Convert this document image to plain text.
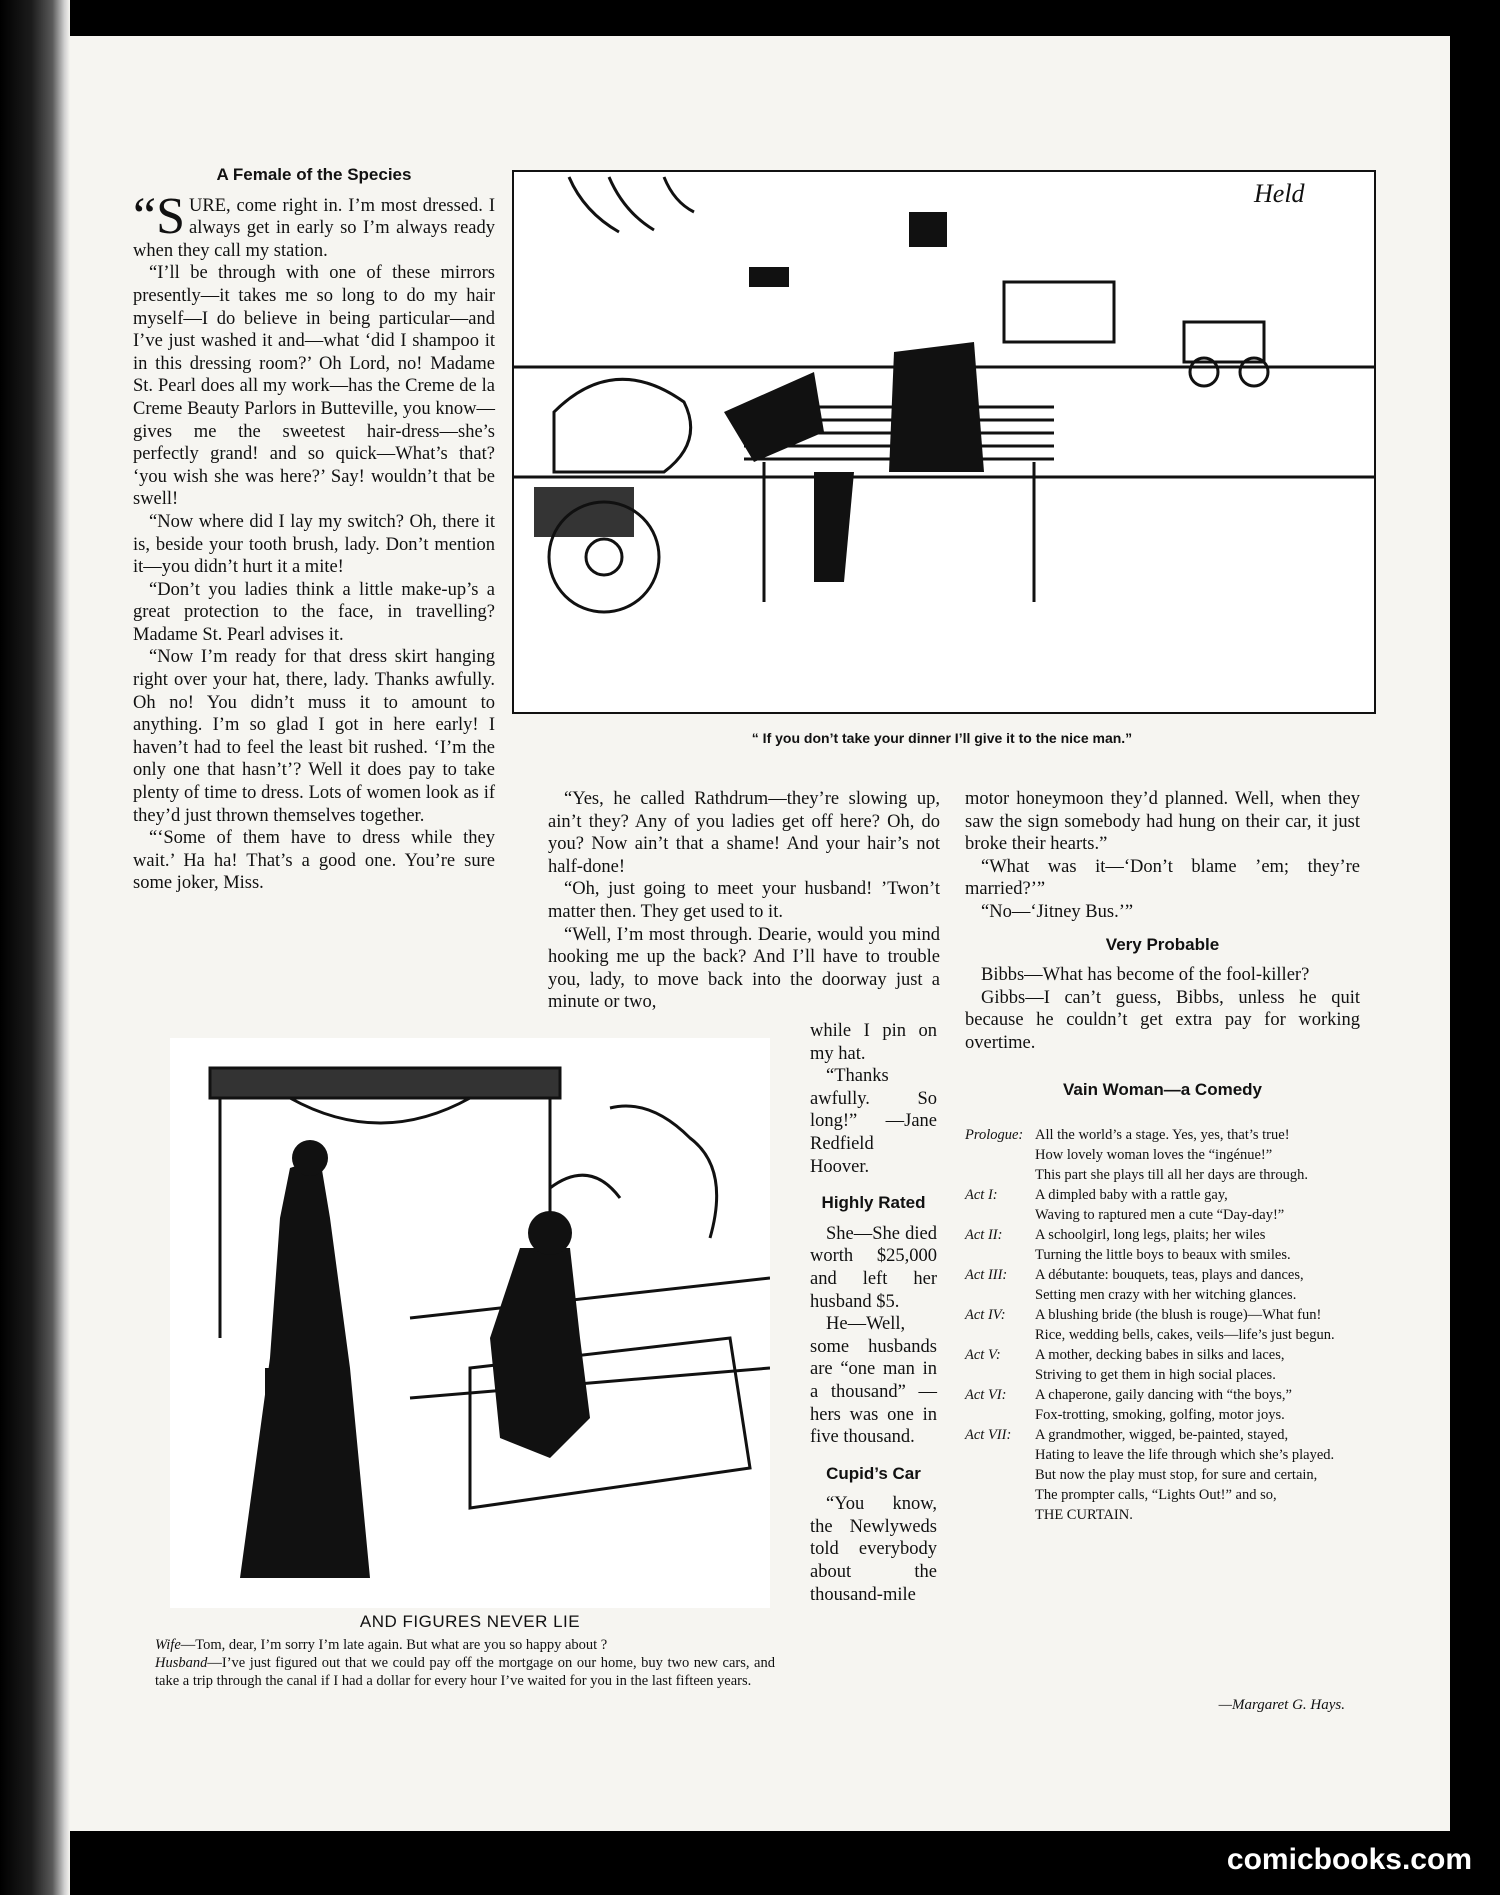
A Female of the Species

“SURE, come right in. I’m most dressed. I always get in early so I’m always ready when they call my station.

“I’ll be through with one of these mirrors presently—it takes me so long to do my hair myself—I do believe in being particular—and I’ve just washed it and—what ‘did I shampoo it in this dressing room?’ Oh Lord, no! Madame St. Pearl does all my work—has the Creme de la Creme Beauty Parlors in Butteville, you know—gives me the sweetest hair-dress—she’s perfectly grand! and so quick—What’s that? ‘you wish she was here?’ Say! wouldn’t that be swell!

“Now where did I lay my switch? Oh, there it is, beside your tooth brush, lady. Don’t mention it—you didn’t hurt it a mite!

“Don’t you ladies think a little make-up’s a great protection to the face, in travelling? Madame St. Pearl advises it.

“Now I’m ready for that dress skirt hanging right over your hat, there, lady. Thanks awfully. Oh no! You didn’t muss it to amount to anything. I’m so glad I got in here early! I haven’t had to feel the least bit rushed. ‘I’m the only one that hasn’t’? Well it does pay to take plenty of time to dress. Lots of women look as if they’d just thrown themselves together.

“‘Some of them have to dress while they wait.’ Ha ha! That’s a good one. You’re sure some joker, Miss.

Held
“ If you don’t take your dinner I’ll give it to the nice man.”

“Yes, he called Rathdrum—they’re slowing up, ain’t they? Any of you ladies get off here? Oh, do you? Now ain’t that a shame! And your hair’s not half-done!

“Oh, just going to meet your husband! ’Twon’t matter then. They get used to it.

“Well, I’m most through. Dearie, would you mind hooking me up the back? And I’ll have to trouble you, lady, to move back into the doorway just a minute or two,

while I pin on my hat.

“Thanks awfully. So long!” —Jane Redfield Hoover.

Highly Rated

She—She died worth $25,000 and left her husband $5.

He—Well, some husbands are “one man in a thousand” —hers was one in five thousand.

Cupid’s Car

“You know, the Newlyweds told everybody about the thousand-mile

motor honeymoon they’d planned. Well, when they saw the sign somebody had hung on their car, it just broke their hearts.”

“What was it—‘Don’t blame ’em; they’re married?’”

“No—‘Jitney Bus.’”

Very Probable

Bibbs—What has become of the fool-killer?

Gibbs—I can’t guess, Bibbs, unless he quit because he couldn’t get extra pay for working overtime.

Vain Woman—a Comedy
Prologue: All the world’s a stage. Yes, yes, that’s true!
How lovely woman loves the “ingénue!”
This part she plays till all her days are through.
Act I:	A dimpled baby with a rattle gay,
Waving to raptured men a cute “Day-day!”
Act II:	A schoolgirl, long legs, plaits; her wiles
Turning the little boys to beaux with smiles.
Act III:	A débutante: bouquets, teas, plays and dances,
Setting men crazy with her witching glances.
Act IV:	A blushing bride (the blush is rouge)—What fun!
Rice, wedding bells, cakes, veils—life’s just begun.
Act V:	A mother, decking babes in silks and laces,
Striving to get them in high social places.
Act VI:	A chaperone, gaily dancing with “the boys,”
Fox-trotting, smoking, golfing, motor joys.
Act VII:	A grandmother, wigged, be-painted, stayed,
Hating to leave the life through which she’s played.
But now the play must stop, for sure and certain,
The prompter calls, “Lights Out!” and so,
THE CURTAIN.
—Margaret G. Hays.
AND FIGURES NEVER LIE

Wife—Tom, dear, I’m sorry I’m late again. But what are you so happy about ?

Husband—I’ve just figured out that we could pay off the mortgage on our home, buy two new cars, and take a trip through the canal if I had a dollar for every hour I’ve waited for you in the last fifteen years.

comicbooks.com
